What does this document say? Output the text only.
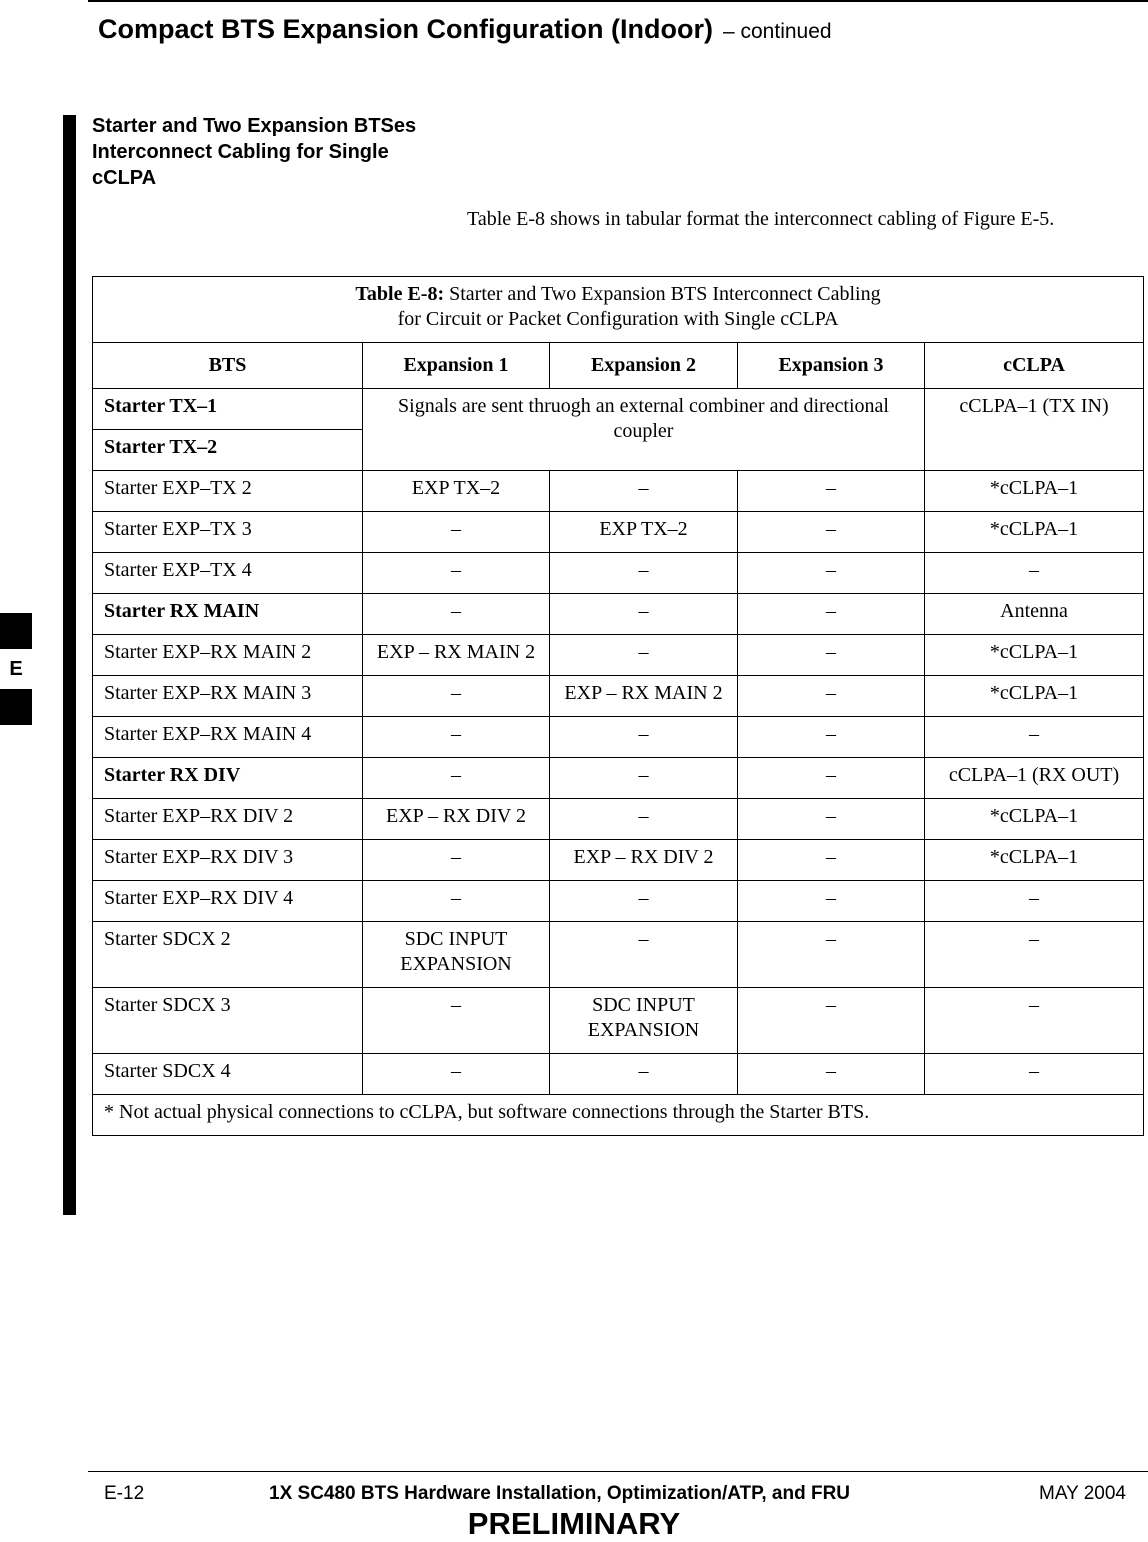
Compact BTS Expansion Configuration (Indoor) – continued
E
Starter and Two Expansion BTSes Interconnect Cabling for Single cCLPA
Table E-8 shows in tabular format the interconnect cabling of Figure E-5.
Table E-8: Starter and Two Expansion BTS Interconnect Cabling
for Circuit or Packet Configuration with Single cCLPA				
BTS	Expansion 1	Expansion 2	Expansion 3	cCLPA
Starter TX–1	Signals are sent thruogh an external combiner and directional coupler			cCLPA–1 (TX IN)
Starter TX–2				
Starter EXP–TX 2	EXP TX–2	–	–	*cCLPA–1
Starter EXP–TX 3	–	EXP TX–2	–	*cCLPA–1
Starter EXP–TX 4	–	–	–	–
Starter RX MAIN	–	–	–	Antenna
Starter EXP–RX MAIN 2	EXP – RX MAIN 2	–	–	*cCLPA–1
Starter EXP–RX MAIN 3	–	EXP – RX MAIN 2	–	*cCLPA–1
Starter EXP–RX MAIN 4	–	–	–	–
Starter RX DIV	–	–	–	cCLPA–1 (RX OUT)
Starter EXP–RX DIV 2	EXP – RX DIV 2	–	–	*cCLPA–1
Starter EXP–RX DIV 3	–	EXP – RX DIV 2	–	*cCLPA–1
Starter EXP–RX DIV 4	–	–	–	–
Starter SDCX 2	SDC INPUT EXPANSION	–	–	–
Starter SDCX 3	–	SDC INPUT EXPANSION	–	–
Starter SDCX 4	–	–	–	–
* Not actual physical connections to cCLPA, but software connections through the Starter BTS.				
E-12	1X SC480 BTS Hardware Installation, Optimization/ATP, and FRU	MAY 2004
PRELIMINARY
